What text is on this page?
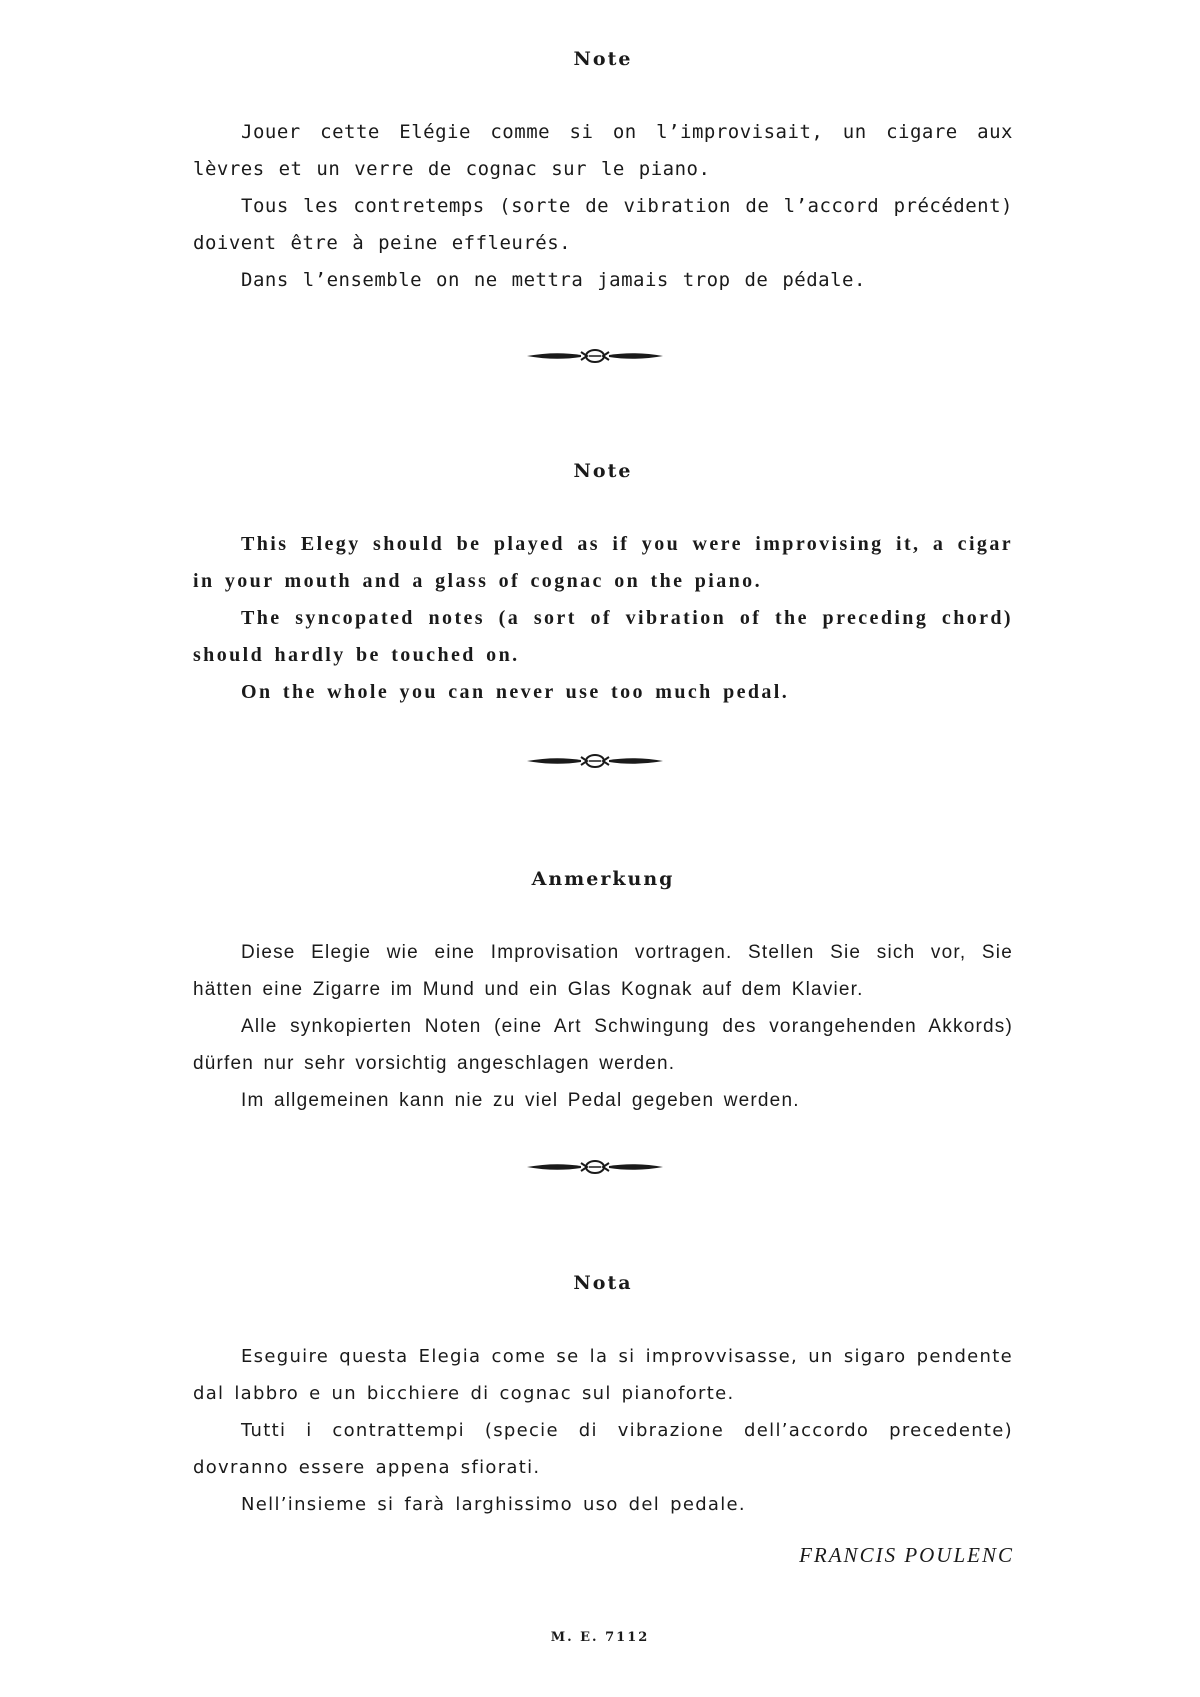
Note

Jouer cette Elégie comme si on l’improvisait, un cigare aux lèvres et un verre de cognac sur le piano.

Tous les contretemps (sorte de vibration de l’accord précédent) doivent être à peine effleurés.

Dans l’ensemble on ne mettra jamais trop de pédale.

Note

This Elegy should be played as if you were improvising it, a cigar in your mouth and a glass of cognac on the piano.

The syncopated notes (a sort of vibration of the preceding chord) should hardly be touched on.

On the whole you can never use too much pedal.

Anmerkung

Diese Elegie wie eine Improvisation vortragen. Stellen Sie sich vor, Sie hätten eine Zigarre im Mund und ein Glas Kognak auf dem Klavier.

Alle synkopierten Noten (eine Art Schwingung des vorangehenden Akkords) dürfen nur sehr vorsichtig angeschlagen werden.

Im allgemeinen kann nie zu viel Pedal gegeben werden.

Nota

Eseguire questa Elegia come se la si improvvisasse, un sigaro pendente dal labbro e un bicchiere di cognac sul pianoforte.

Tutti i contrattempi (specie di vibrazione dell’accordo precedente) dovranno essere appena sfiorati.

Nell’insieme si farà larghissimo uso del pedale.

FRANCIS POULENC

M. E. 7112
